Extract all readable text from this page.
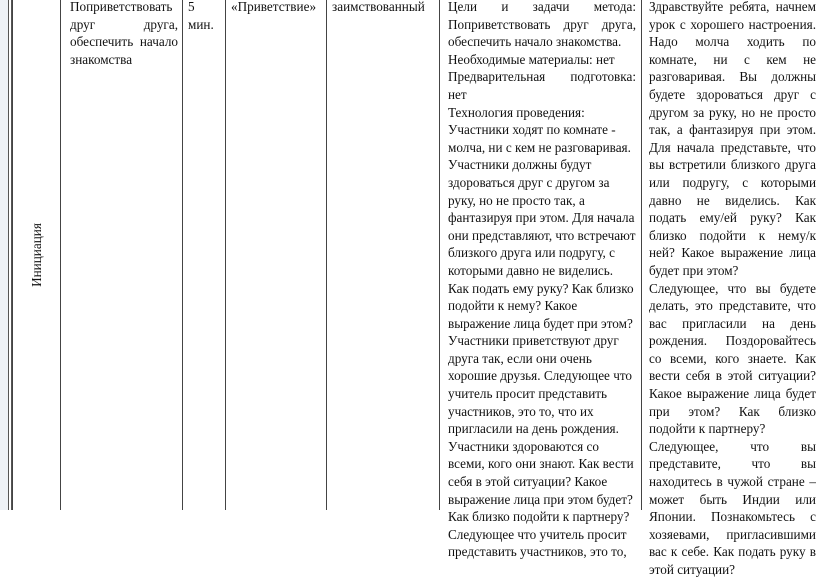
Инициация
Поприветствовать друг друга, обеспечить начало знакомства
5 мин.
«Приветствие»	заимствованный	Цели и задачи метода: Поприветствовать друг друга, обеспечить начало знакомства.

Необходимые материалы: нет

Предварительная подготовка: нет

Технология проведения:

Участники ходят по комнате - молча, ни с кем не разговаривая. Участники должны будут здороваться друг с другом за руку, но не просто так, а фантазируя при этом. Для начала они представляют, что встречают близкого друга или подругу, с которыми давно не виделись. Как подать ему руку? Как близко подойти к нему? Какое выражение лица будет при этом? Участники приветствуют друг друга так, если они очень хорошие друзья. Следующее что учитель просит представить участников, это то, что их пригласили на день рождения. Участники здороваются со всеми, кого они знают. Как вести себя в этой ситуации? Какое выражение лица при этом будет? Как близко подойти к партнеру? Следующее что учитель просит представить участников, это то,

Здравствуйте ребята, начнем урок с хорошего настроения. Надо молча ходить по комнате, ни с кем не разговаривая. Вы должны будете здороваться друг с другом за руку, но не просто так, а фантазируя при этом. Для начала представьте, что вы встретили близкого друга или подругу, с которыми давно не виделись. Как подать ему/ей руку? Как близко подойти к нему/к ней? Какое выражение лица будет при этом?

Следующее, что вы будете делать, это представите, что вас пригласили на день рождения. Поздоровайтесь со всеми, кого знаете. Как вести себя в этой ситуации? Какое выражение лица будет при этом? Как близко подойти к партнеру?

Следующее, что вы представите, что вы находитесь в чужой стране – может быть Индии или Японии. Познакомьтесь с хозяевами, пригласившими вас к себе. Как подать руку в этой ситуации?
